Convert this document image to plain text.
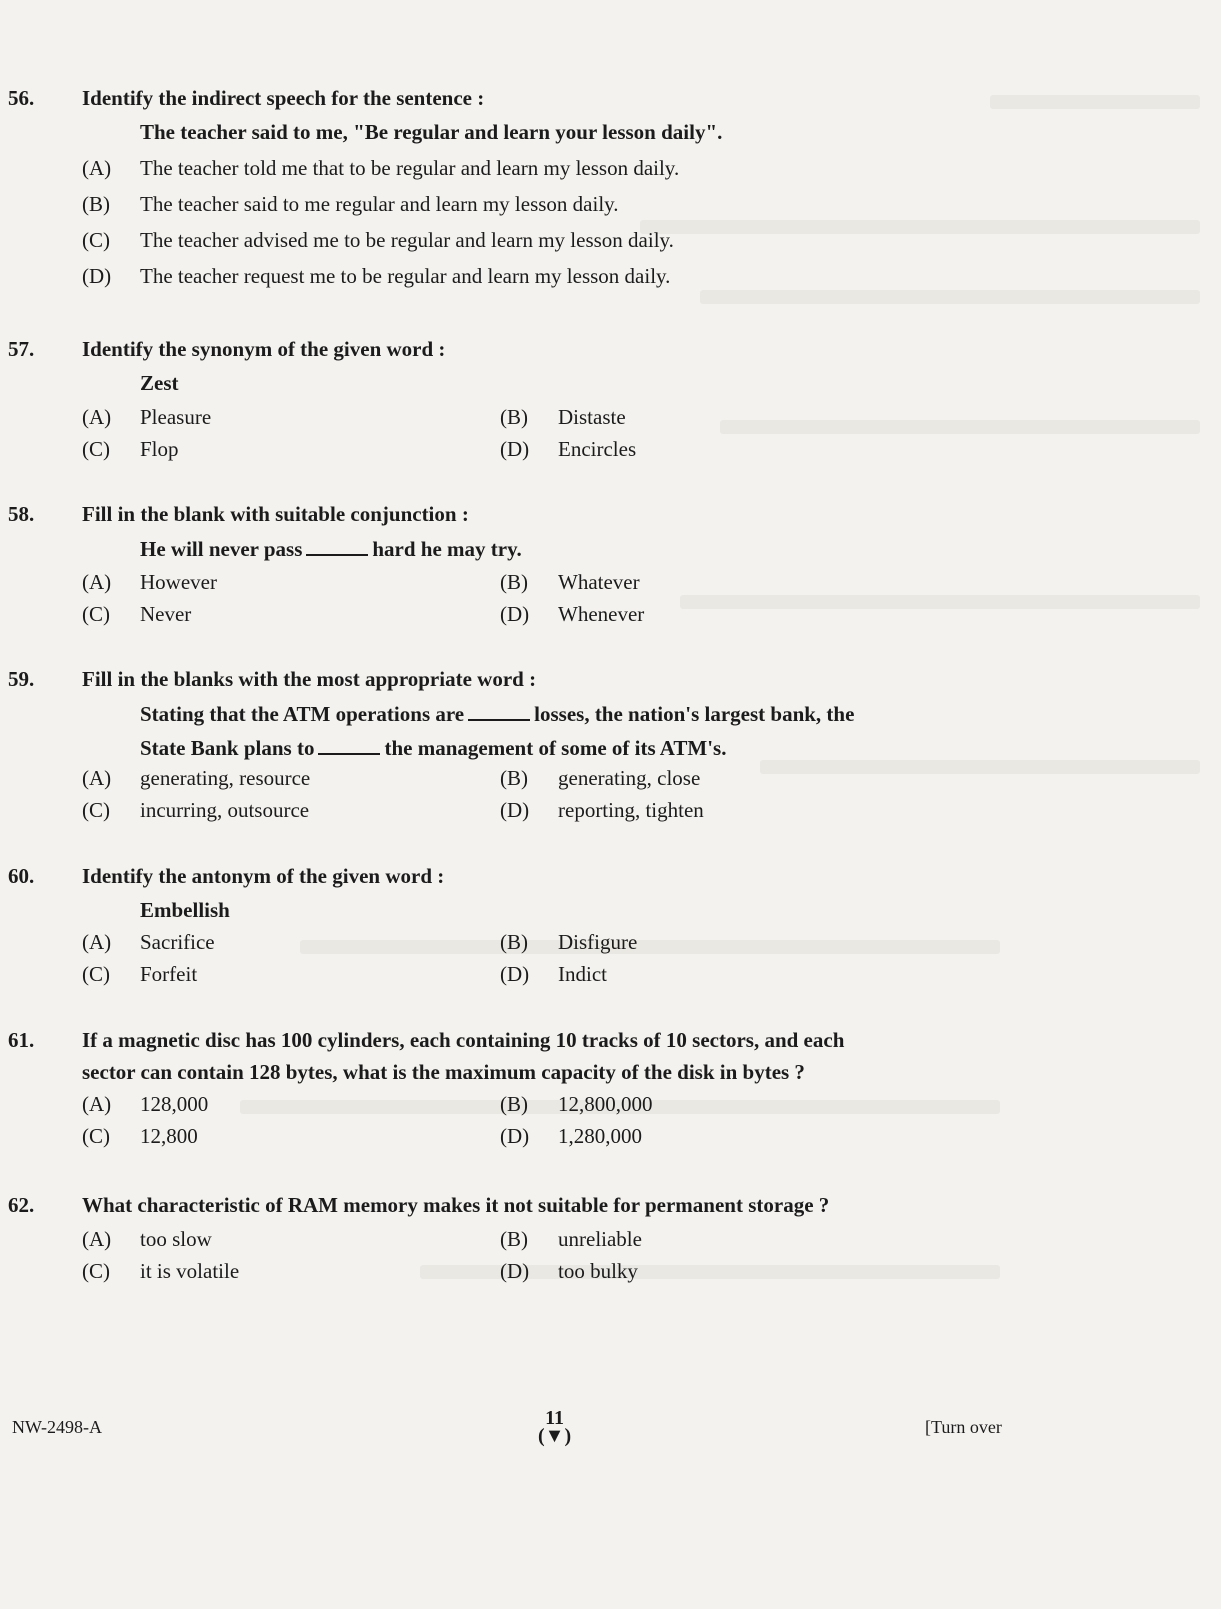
56. Identify the indirect speech for the sentence :
The teacher said to me, "Be regular and learn your lesson daily".
(A) The teacher told me that to be regular and learn my lesson daily.
(B) The teacher said to me regular and learn my lesson daily.
(C) The teacher advised me to be regular and learn my lesson daily.
(D) The teacher request me to be regular and learn my lesson daily.
57. Identify the synonym of the given word :
Zest
(A) Pleasure	(B) Distaste
(C) Flop	(D) Encircles
58. Fill in the blank with suitable conjunction :
He will never pass	hard he may try.
(A) However	(B) Whatever
(C) Never	(D) Whenever
59. Fill in the blanks with the most appropriate word :
Stating that the ATM operations are	losses, the nation's largest bank, the
State Bank plans to	the management of some of its ATM's.
(A) generating, resource	(B) generating, close
(C) incurring, outsource	(D) reporting, tighten
60. Identify the antonym of the given word :
Embellish
(A) Sacrifice	(B) Disfigure
(C) Forfeit	(D) Indict
61. If a magnetic disc has 100 cylinders, each containing 10 tracks of 10 sectors, and each
sector can contain 128 bytes, what is the maximum capacity of the disk in bytes ?
(A) 128,000	(B) 12,800,000
(C) 12,800	(D) 1,280,000
62. What characteristic of RAM memory makes it not suitable for permanent storage ?
(A) too slow	(B) unreliable
(C) it is volatile	(D) too bulky
NW-2498-A	11
(▼)	[Turn over
